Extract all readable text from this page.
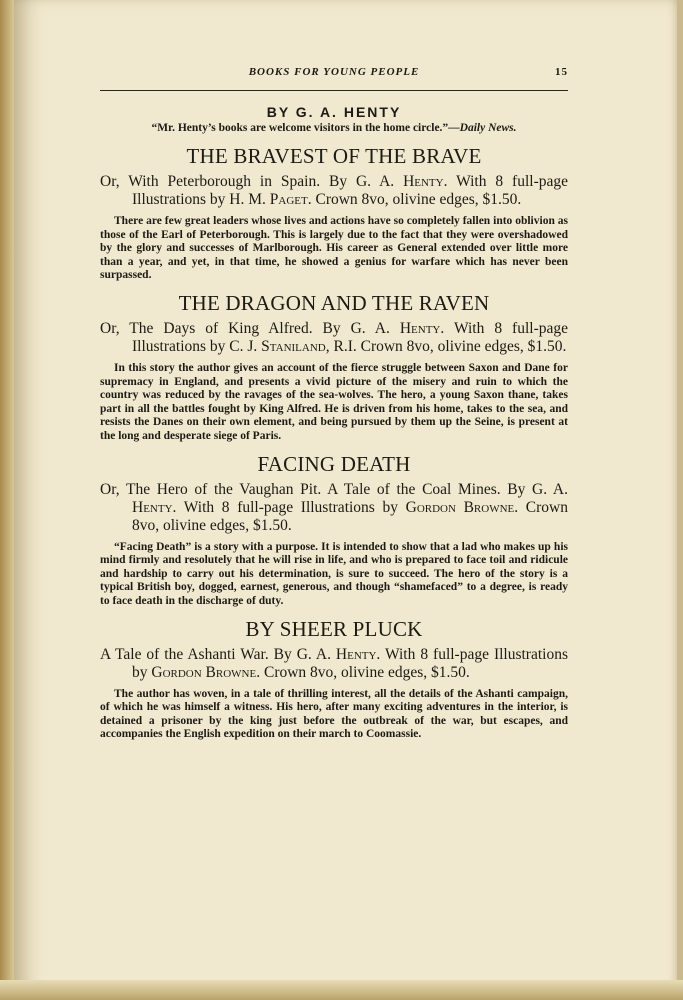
BOOKS FOR YOUNG PEOPLE	15
BY G. A. HENTY
“Mr. Henty’s books are welcome visitors in the home circle.”—Daily News.
THE BRAVEST OF THE BRAVE
Or, With Peterborough in Spain. By G. A. Henty. With 8 full-page Illustrations by H. M. Paget. Crown 8vo, olivine edges, $1.50.

There are few great leaders whose lives and actions have so completely fallen into oblivion as those of the Earl of Peterborough. This is largely due to the fact that they were overshadowed by the glory and successes of Marlborough. His career as General extended over little more than a year, and yet, in that time, he showed a genius for warfare which has never been surpassed.

THE DRAGON AND THE RAVEN
Or, The Days of King Alfred. By G. A. Henty. With 8 full-page Illustrations by C. J. Staniland, R.I. Crown 8vo, olivine edges, $1.50.

In this story the author gives an account of the fierce struggle between Saxon and Dane for supremacy in England, and presents a vivid picture of the misery and ruin to which the country was reduced by the ravages of the sea-wolves. The hero, a young Saxon thane, takes part in all the battles fought by King Alfred. He is driven from his home, takes to the sea, and resists the Danes on their own element, and being pursued by them up the Seine, is present at the long and desperate siege of Paris.

FACING DEATH
Or, The Hero of the Vaughan Pit. A Tale of the Coal Mines. By G. A. Henty. With 8 full-page Illustrations by Gordon Browne. Crown 8vo, olivine edges, $1.50.

“Facing Death” is a story with a purpose. It is intended to show that a lad who makes up his mind firmly and resolutely that he will rise in life, and who is prepared to face toil and ridicule and hardship to carry out his determination, is sure to succeed. The hero of the story is a typical British boy, dogged, earnest, generous, and though “shamefaced” to a degree, is ready to face death in the discharge of duty.

BY SHEER PLUCK
A Tale of the Ashanti War. By G. A. Henty. With 8 full-page Illustrations by Gordon Browne. Crown 8vo, olivine edges, $1.50.

The author has woven, in a tale of thrilling interest, all the details of the Ashanti campaign, of which he was himself a witness. His hero, after many exciting adventures in the interior, is detained a prisoner by the king just before the outbreak of the war, but escapes, and accompanies the English expedition on their march to Coomassie.
